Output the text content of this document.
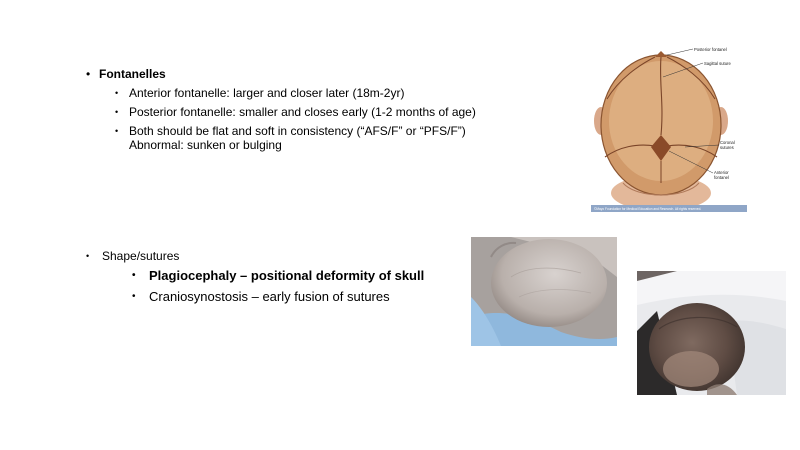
• Fontanelles
• Anterior fontanelle: larger and closer later (18m-2yr)
• Posterior fontanelle: smaller and closes early (1-2 months of age)
• Both should be flat and soft in consistency (“AFS/F” or “PFS/F”)
Abnormal: sunken or bulging
• Shape/sutures
• Plagiocephaly – positional deformity of skull
• Craniosynostosis – early fusion of sutures
Posterior fontanel
Sagittal suture
Coronal
sutures
Anterior
fontanel
©Mayo Foundation for Medical Education and Research. All rights reserved.
